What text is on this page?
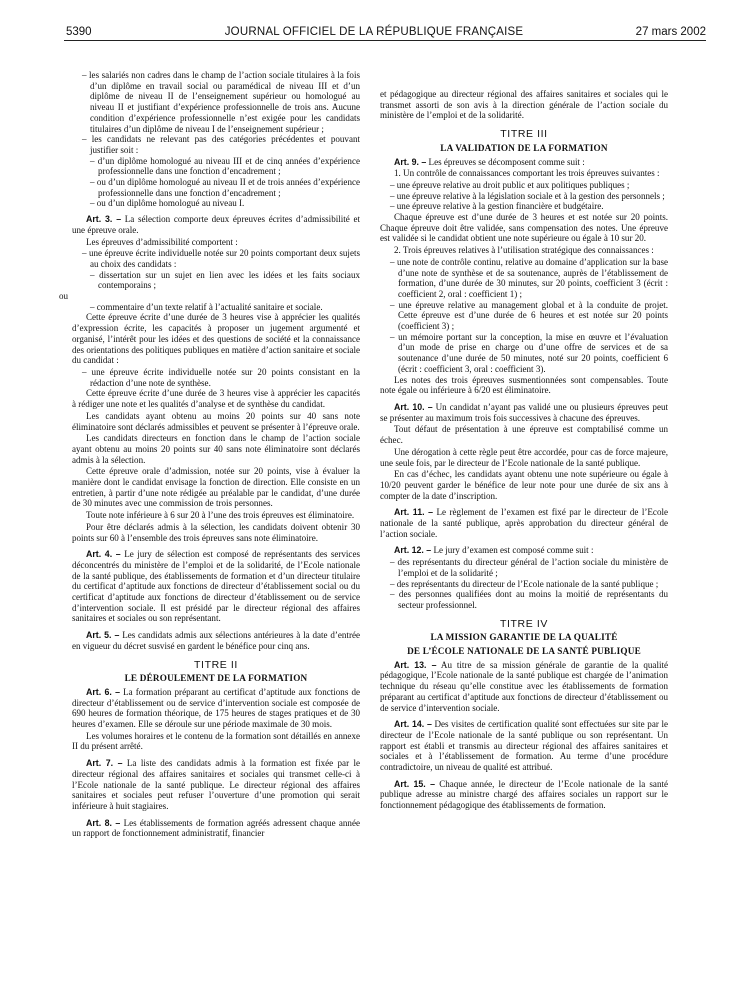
5390	JOURNAL OFFICIEL DE LA RÉPUBLIQUE FRANÇAISE	27 mars 2002

– les salariés non cadres dans le champ de l’action sociale titulaires à la fois d’un diplôme en travail social ou paramédical de niveau III et d’un diplôme de niveau II de l’enseignement supérieur ou homologué au niveau II et justifiant d’expérience professionnelle de trois ans. Aucune condition d’expérience professionnelle n’est exigée pour les candidats titulaires d’un diplôme de niveau I de l’enseignement supérieur ;

– les candidats ne relevant pas des catégories précédentes et pouvant justifier soit :

– d’un diplôme homologué au niveau III et de cinq années d’expérience professionnelle dans une fonction d’encadrement ;

– ou d’un diplôme homologué au niveau II et de trois années d’expérience professionnelle dans une fonction d’encadrement ;

– ou d’un diplôme homologué au niveau I.

Art. 3. – La sélection comporte deux épreuves écrites d’admissibilité et une épreuve orale.

Les épreuves d’admissibilité comportent :

– une épreuve écrite individuelle notée sur 20 points comportant deux sujets au choix des candidats :

– dissertation sur un sujet en lien avec les idées et les faits sociaux contemporains ;

ou

– commentaire d’un texte relatif à l’actualité sanitaire et sociale.

Cette épreuve écrite d’une durée de 3 heures vise à apprécier les qualités d’expression écrite, les capacités à proposer un jugement argumenté et organisé, l’intérêt pour les idées et des questions de société et la connaissance des orientations des politiques publiques en matière d’action sanitaire et sociale du candidat :

– une épreuve écrite individuelle notée sur 20 points consistant en la rédaction d’une note de synthèse.

Cette épreuve écrite d’une durée de 3 heures vise à apprécier les capacités à rédiger une note et les qualités d’analyse et de synthèse du candidat.

Les candidats ayant obtenu au moins 20 points sur 40 sans note éliminatoire sont déclarés admissibles et peuvent se présenter à l’épreuve orale.

Les candidats directeurs en fonction dans le champ de l’action sociale ayant obtenu au moins 20 points sur 40 sans note éliminatoire sont déclarés admis à la sélection.

Cette épreuve orale d’admission, notée sur 20 points, vise à évaluer la manière dont le candidat envisage la fonction de direction. Elle consiste en un entretien, à partir d’une note rédigée au préalable par le candidat, d’une durée de 30 minutes avec une commission de trois personnes.

Toute note inférieure à 6 sur 20 à l’une des trois épreuves est éliminatoire.

Pour être déclarés admis à la sélection, les candidats doivent obtenir 30 points sur 60 à l’ensemble des trois épreuves sans note éliminatoire.

Art. 4. – Le jury de sélection est composé de représentants des services déconcentrés du ministère de l’emploi et de la solidarité, de l’Ecole nationale de la santé publique, des établissements de formation et d’un directeur titulaire du certificat d’aptitude aux fonctions de directeur d’établissement social ou du certificat d’aptitude aux fonctions de directeur d’établissement ou de service d’intervention sociale. Il est présidé par le directeur régional des affaires sanitaires et sociales ou son représentant.

Art. 5. – Les candidats admis aux sélections antérieures à la date d’entrée en vigueur du décret susvisé en gardent le bénéfice pour cinq ans.

TITRE II

LE DÉROULEMENT DE LA FORMATION

Art. 6. – La formation préparant au certificat d’aptitude aux fonctions de directeur d’établissement ou de service d’intervention sociale est composée de 690 heures de formation théorique, de 175 heures de stages pratiques et de 30 heures d’examen. Elle se déroule sur une période maximale de 30 mois.

Les volumes horaires et le contenu de la formation sont détaillés en annexe II du présent arrêté.

Art. 7. – La liste des candidats admis à la formation est fixée par le directeur régional des affaires sanitaires et sociales qui transmet celle-ci à l’Ecole nationale de la santé publique. Le directeur régional des affaires sanitaires et sociales peut refuser l’ouverture d’une promotion qui serait inférieure à huit stagiaires.

Art. 8. – Les établissements de formation agréés adressent chaque année un rapport de fonctionnement administratif, financier

et pédagogique au directeur régional des affaires sanitaires et sociales qui le transmet assorti de son avis à la direction générale de l’action sociale du ministère de l’emploi et de la solidarité.

TITRE III

LA VALIDATION DE LA FORMATION

Art. 9. – Les épreuves se décomposent comme suit :

1. Un contrôle de connaissances comportant les trois épreuves suivantes :

– une épreuve relative au droit public et aux politiques publiques ;

– une épreuve relative à la législation sociale et à la gestion des personnels ;

– une épreuve relative à la gestion financière et budgétaire.

Chaque épreuve est d’une durée de 3 heures et est notée sur 20 points. Chaque épreuve doit être validée, sans compensation des notes. Une épreuve est validée si le candidat obtient une note supérieure ou égale à 10 sur 20.

2. Trois épreuves relatives à l’utilisation stratégique des connaissances :

– une note de contrôle continu, relative au domaine d’application sur la base d’une note de synthèse et de sa soutenance, auprès de l’établissement de formation, d’une durée de 30 minutes, sur 20 points, coefficient 3 (écrit : coefficient 2, oral : coefficient 1) ;

– une épreuve relative au management global et à la conduite de projet. Cette épreuve est d’une durée de 6 heures et est notée sur 20 points (coefficient 3) ;

– un mémoire portant sur la conception, la mise en œuvre et l’évaluation d’un mode de prise en charge ou d’une offre de services et de sa soutenance d’une durée de 50 minutes, noté sur 20 points, coefficient 6 (écrit : coefficient 3, oral : coefficient 3).

Les notes des trois épreuves susmentionnées sont compensables. Toute note égale ou inférieure à 6/20 est éliminatoire.

Art. 10. – Un candidat n’ayant pas validé une ou plusieurs épreuves peut se présenter au maximum trois fois successives à chacune des épreuves.

Tout défaut de présentation à une épreuve est comptabilisé comme un échec.

Une dérogation à cette règle peut être accordée, pour cas de force majeure, une seule fois, par le directeur de l’Ecole nationale de la santé publique.

En cas d’échec, les candidats ayant obtenu une note supérieure ou égale à 10/20 peuvent garder le bénéfice de leur note pour une durée de six ans à compter de la date d’inscription.

Art. 11. – Le règlement de l’examen est fixé par le directeur de l’Ecole nationale de la santé publique, après approbation du directeur général de l’action sociale.

Art. 12. – Le jury d’examen est composé comme suit :

– des représentants du directeur général de l’action sociale du ministère de l’emploi et de la solidarité ;

– des représentants du directeur de l’Ecole nationale de la santé publique ;

– des personnes qualifiées dont au moins la moitié de représentants du secteur professionnel.

TITRE IV

LA MISSION GARANTIE DE LA QUALITÉ

DE L’ÉCOLE NATIONALE DE LA SANTÉ PUBLIQUE

Art. 13. – Au titre de sa mission générale de garantie de la qualité pédagogique, l’Ecole nationale de la santé publique est chargée de l’animation technique du réseau qu’elle constitue avec les établissements de formation préparant au certificat d’aptitude aux fonctions de directeur d’établissement ou de service d’intervention sociale.

Art. 14. – Des visites de certification qualité sont effectuées sur site par le directeur de l’Ecole nationale de la santé publique ou son représentant. Un rapport est établi et transmis au directeur régional des affaires sanitaires et sociales et à l’établissement de formation. Au terme d’une procédure contradictoire, un niveau de qualité est attribué.

Art. 15. – Chaque année, le directeur de l’Ecole nationale de la santé publique adresse au ministre chargé des affaires sociales un rapport sur le fonctionnement pédagogique des établissements de formation.
